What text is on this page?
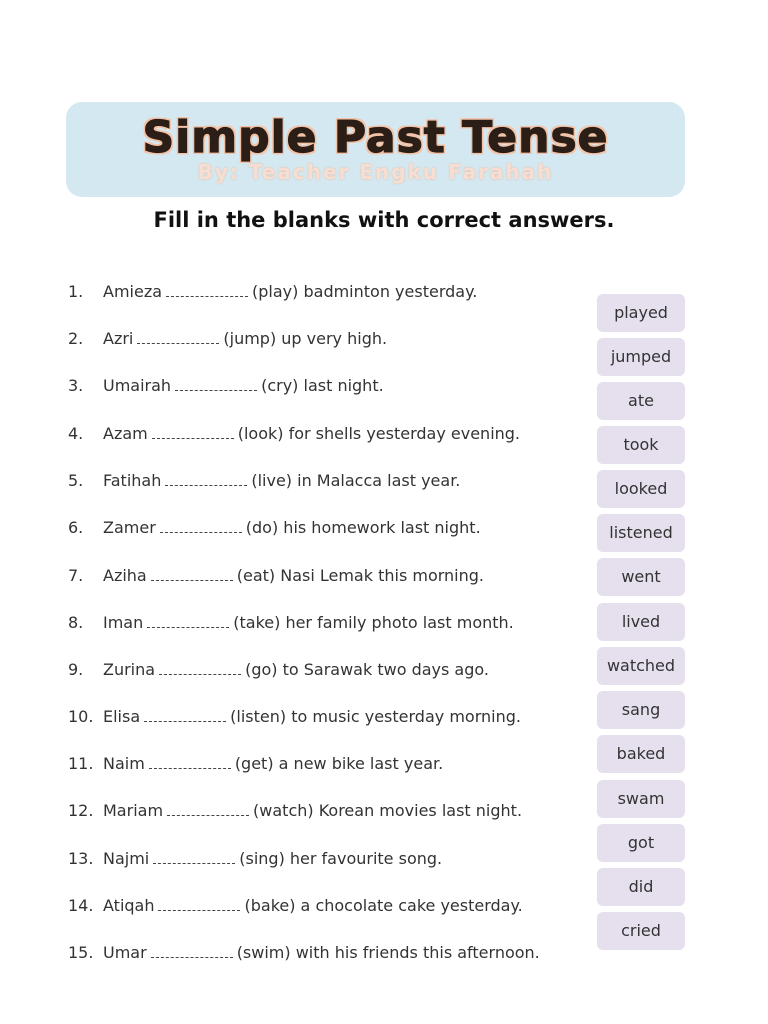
Simple Past Tense
By: Teacher Engku Farahah
Fill in the blanks with correct answers.
1. Amieza	(play) badminton yesterday.
2. Azri	(jump) up very high.
3. Umairah	(cry) last night.
4. Azam	(look) for shells yesterday evening.
5. Fatihah	(live) in Malacca last year.
6. Zamer	(do) his homework last night.
7. Aziha	(eat) Nasi Lemak this morning.
8. Iman	(take) her family photo last month.
9. Zurina	(go) to Sarawak two days ago.
10. Elisa	(listen) to music yesterday morning.
11. Naim	(get) a new bike last year.
12. Mariam	(watch) Korean movies last night.
13. Najmi	(sing) her favourite song.
14. Atiqah	(bake) a chocolate cake yesterday.
15. Umar	(swim) with his friends this afternoon.
played
jumped
ate
took
looked
listened
went
lived
watched
sang
baked
swam
got
did
cried
